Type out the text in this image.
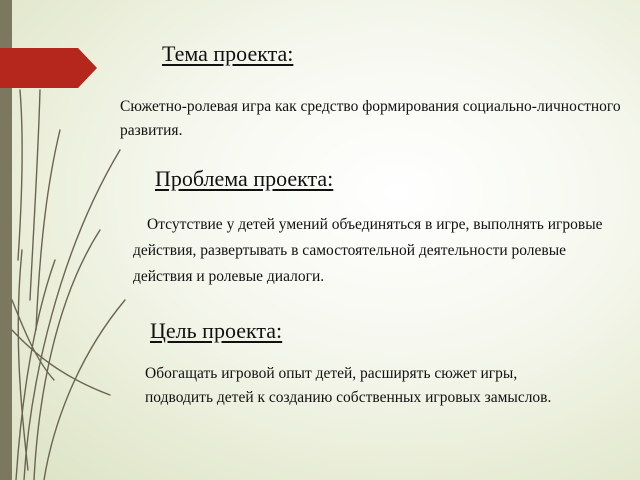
Тема проекта:
Сюжетно-ролевая игра как средство формирования социально-личностного развития.
Проблема проекта:
Отсутствие у детей умений объединяться в игре, выполнять игровые действия, развертывать в самостоятельной деятельности ролевые действия и ролевые диалоги.
Цель проекта:
Обогащать игровой опыт детей, расширять сюжет игры, подводить детей к созданию собственных игровых замыслов.
